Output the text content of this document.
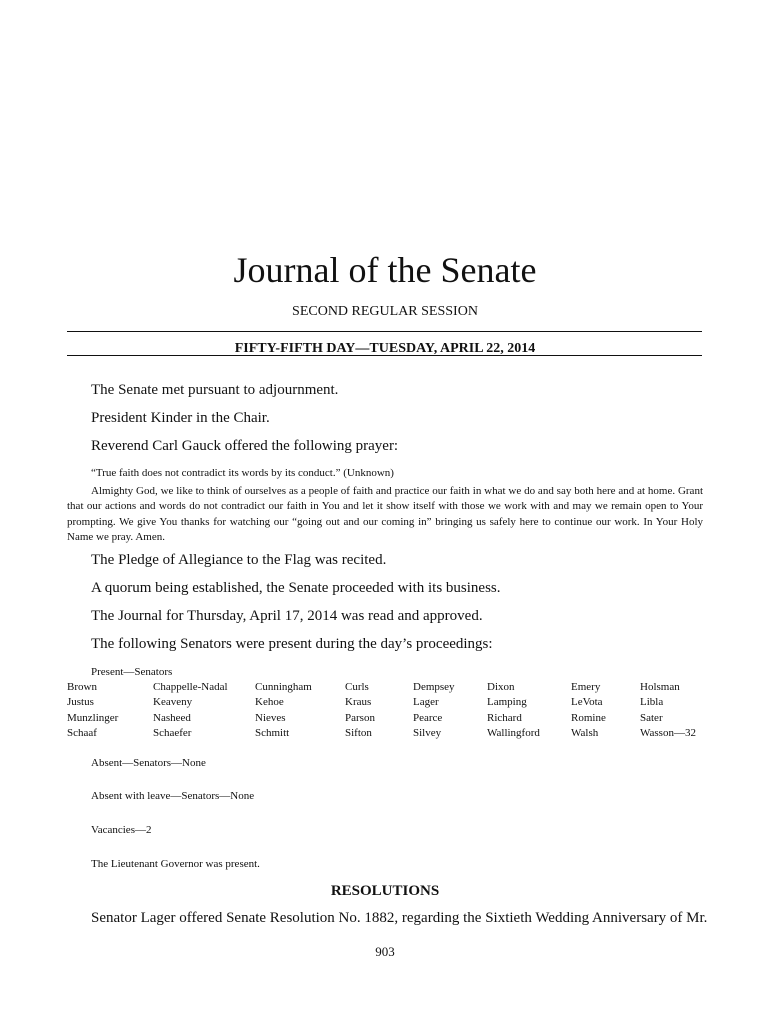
Journal of the Senate
SECOND REGULAR SESSION
FIFTY-FIFTH DAY—TUESDAY, APRIL 22, 2014
The Senate met pursuant to adjournment.
President Kinder in the Chair.
Reverend Carl Gauck offered the following prayer:
“True faith does not contradict its words by its conduct.” (Unknown)
Almighty God, we like to think of ourselves as a people of faith and practice our faith in what we do and say both here and at home. Grant that our actions and words do not contradict our faith in You and let it show itself with those we work with and may we remain open to Your prompting. We give You thanks for watching our “going out and our coming in” bringing us safely here to continue our work. In Your Holy Name we pray. Amen.
The Pledge of Allegiance to the Flag was recited.
A quorum being established, the Senate proceeded with its business.
The Journal for Thursday, April 17, 2014 was read and approved.
The following Senators were present during the day’s proceedings:
Present—Senators
Brown
Justus
Munzlinger
Schaaf
Chappelle-Nadal
Keaveny
Nasheed
Schaefer
Cunningham
Kehoe
Nieves
Schmitt
Curls
Kraus
Parson
Sifton
Dempsey
Lager
Pearce
Silvey
Dixon
Lamping
Richard
Wallingford
Emery
LeVota
Romine
Walsh
Holsman
Libla
Sater
Wasson—32
Absent—Senators—None
Absent with leave—Senators—None
Vacancies—2
The Lieutenant Governor was present.
RESOLUTIONS
Senator Lager offered Senate Resolution No. 1882, regarding the Sixtieth Wedding Anniversary of Mr.
903
